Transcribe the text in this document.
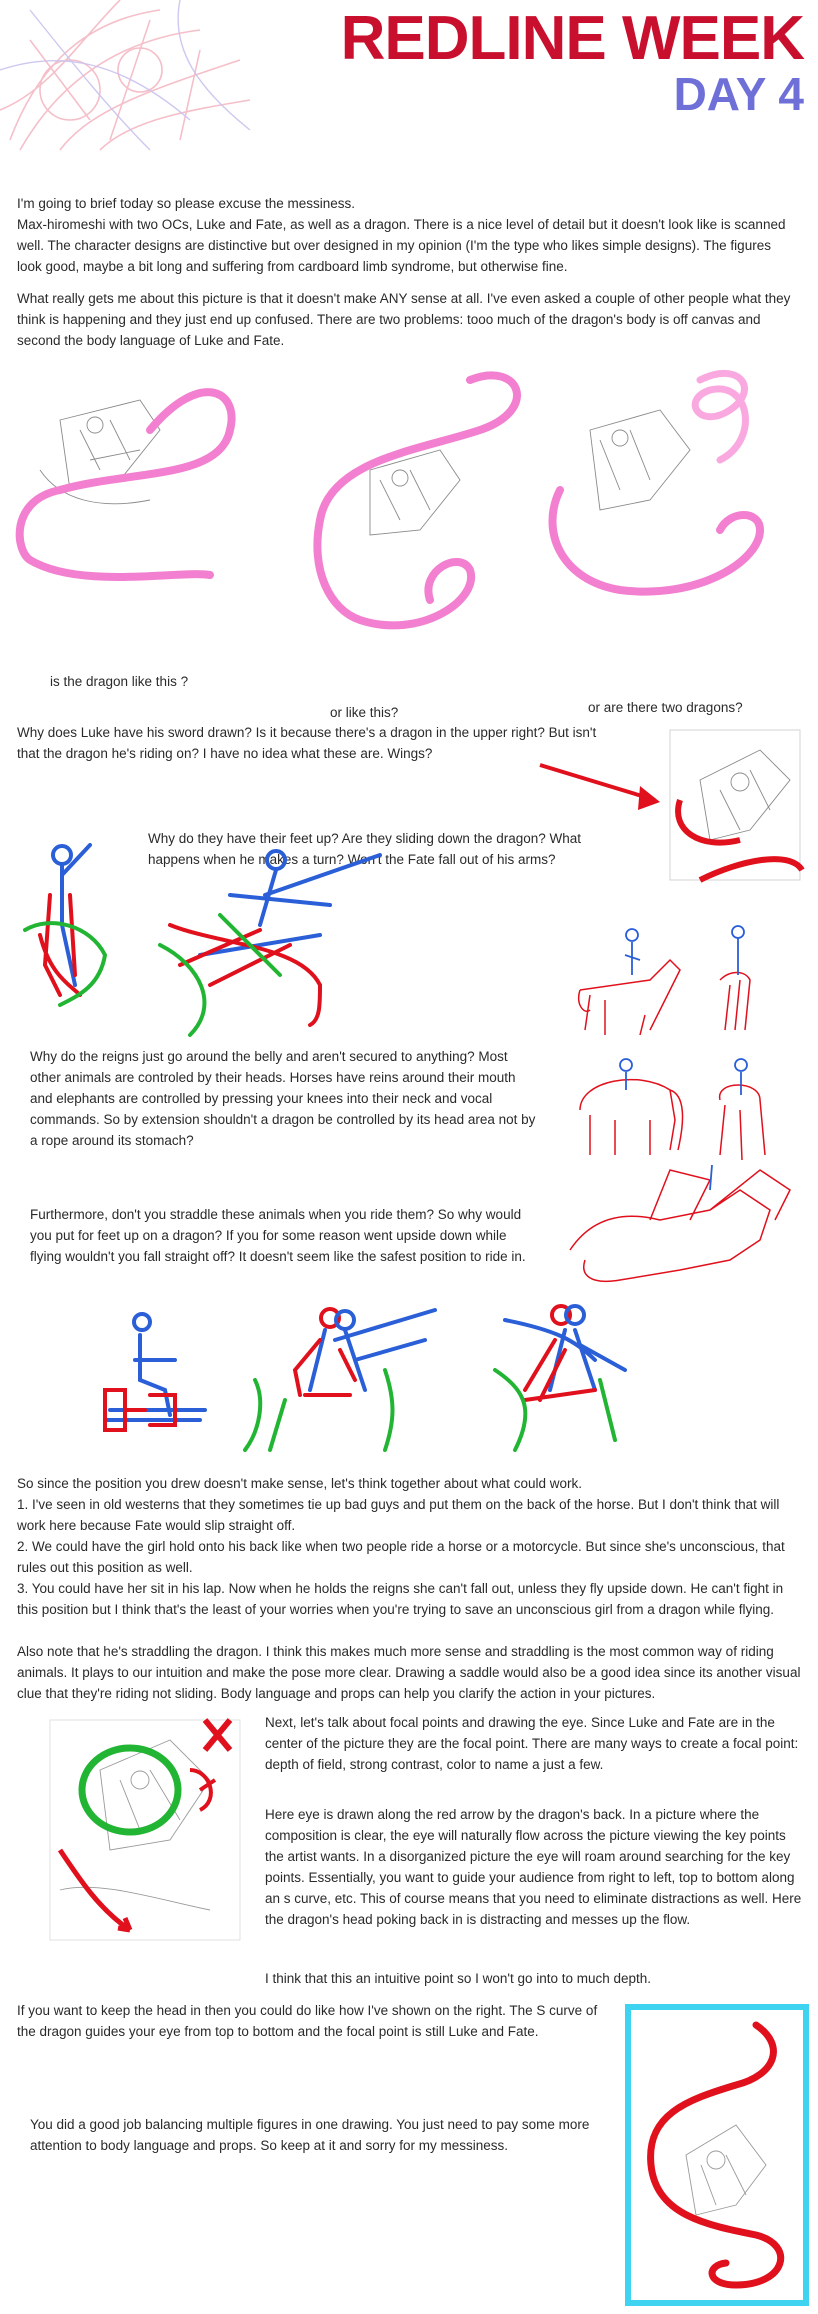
REDLINE WEEK
DAY 4

I'm going to brief today so please excuse the messiness.

Max-hiromeshi with two OCs, Luke and Fate, as well as a dragon. There is a nice level of detail but it doesn't look like is scanned well. The character designs are distinctive but over designed in my opinion (I'm the type who likes simple designs). The figures look good, maybe a bit long and suffering from cardboard limb syndrome, but otherwise fine.

What really gets me about this picture is that it doesn't make ANY sense at all. I've even asked a couple of other people what they think is happening and they just end up confused. There are two problems: tooo much of the dragon's body is off canvas and second the body language of Luke and Fate.

is the dragon like this ?

or like this?	or are there two dragons?

Why does Luke have his sword drawn? Is it because there's a dragon in the upper right? But isn't that the dragon he's riding on? I have no idea what these are. Wings?

Why do they have their feet up? Are they sliding down the dragon? What happens when he makes a turn? Won't the Fate fall out of his arms?

Why do the reigns just go around the belly and aren't secured to anything? Most other animals are controled by their heads. Horses have reins around their mouth and elephants are controlled by pressing your knees into their neck and vocal commands. So by extension shouldn't a dragon be controlled by its head area not by a rope around its stomach?

Furthermore, don't you straddle these animals when you ride them? So why would you put for feet up on a dragon? If you for some reason went upside down while flying wouldn't you fall straight off? It doesn't seem like the safest position to ride in.

So since the position you drew doesn't make sense, let's think together about what could work.

1. I've seen in old westerns that they sometimes tie up bad guys and put them on the back of the horse. But I don't think that will work here because Fate would slip straight off.

2. We could have the girl hold onto his back like when two people ride a horse or a motorcycle. But since she's unconscious, that rules out this position as well.

3. You could have her sit in his lap. Now when he holds the reigns she can't fall out, unless they fly upside down. He can't fight in this position but I think that's the least of your worries when you're trying to save an unconscious girl from a dragon while flying.

Also note that he's straddling the dragon. I think this makes much more sense and straddling is the most common way of riding animals. It plays to our intuition and make the pose more clear. Drawing a saddle would also be a good idea since its another visual clue that they're riding not sliding. Body language and props can help you clarify the action in your pictures.

Next, let's talk about focal points and drawing the eye. Since Luke and Fate are in the center of the picture they are the focal point. There are many ways to create a focal point: depth of field, strong contrast, color to name a just a few.

Here eye is drawn along the red arrow by the dragon's back. In a picture where the composition is clear, the eye will naturally flow across the picture viewing the key points the artist wants. In a disorganized picture the eye will roam around searching for the key points. Essentially, you want to guide your audience from right to left, top to bottom along an s curve, etc. This of course means that you need to eliminate distractions as well. Here the dragon's head poking back in is distracting and messes up the flow.

I think that this an intuitive point so I won't go into to much depth.

If you want to keep the head in then you could do like how I've shown on the right. The S curve of the dragon guides your eye from top to bottom and the focal point is still Luke and Fate.

You did a good job balancing multiple figures in one drawing. You just need to pay some more attention to body language and props. So keep at it and sorry for my messiness.
